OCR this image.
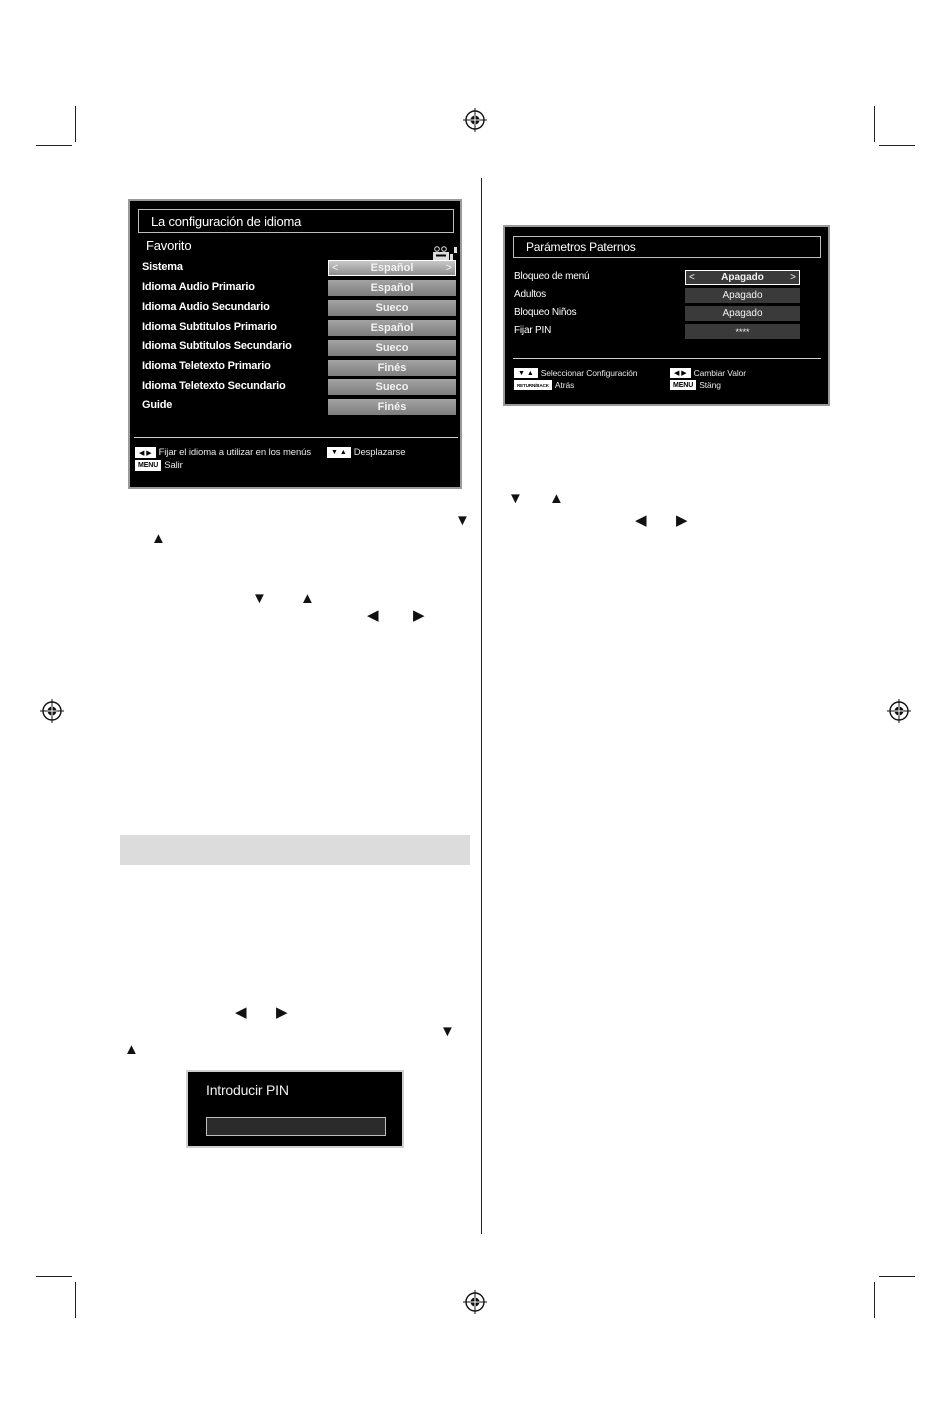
La configuración de idioma
Favorito
Sistema	<	Español	>
Idioma Audio Primario	Español
Idioma Audio Secundario	Sueco
Idioma Subtitulos Primario	Español
Idioma Subtitulos Secundario	Sueco
Idioma Teletexto Primario	Finés
Idioma Teletexto Secundario	Sueco
Guide	Finés
◀ ▶ Fijar el idioma a utilizar en los menús
MENU Salir
▼ ▲ Desplazarse
Parámetros Paternos
Bloqueo de menú	<	Apagado	>
Adultos	Apagado
Bloqueo Niños	Apagado
Fijar PIN	****
▼ ▲ Seleccionar Configuración
RETURN/BACK Atrás
◀ ▶ Cambiar Valor
MENU Stäng
▼
▲
▼ ▲
◀ ▶
◀ ▶
▼
▲
▼ ▲
◀ ▶
Introducir PIN
